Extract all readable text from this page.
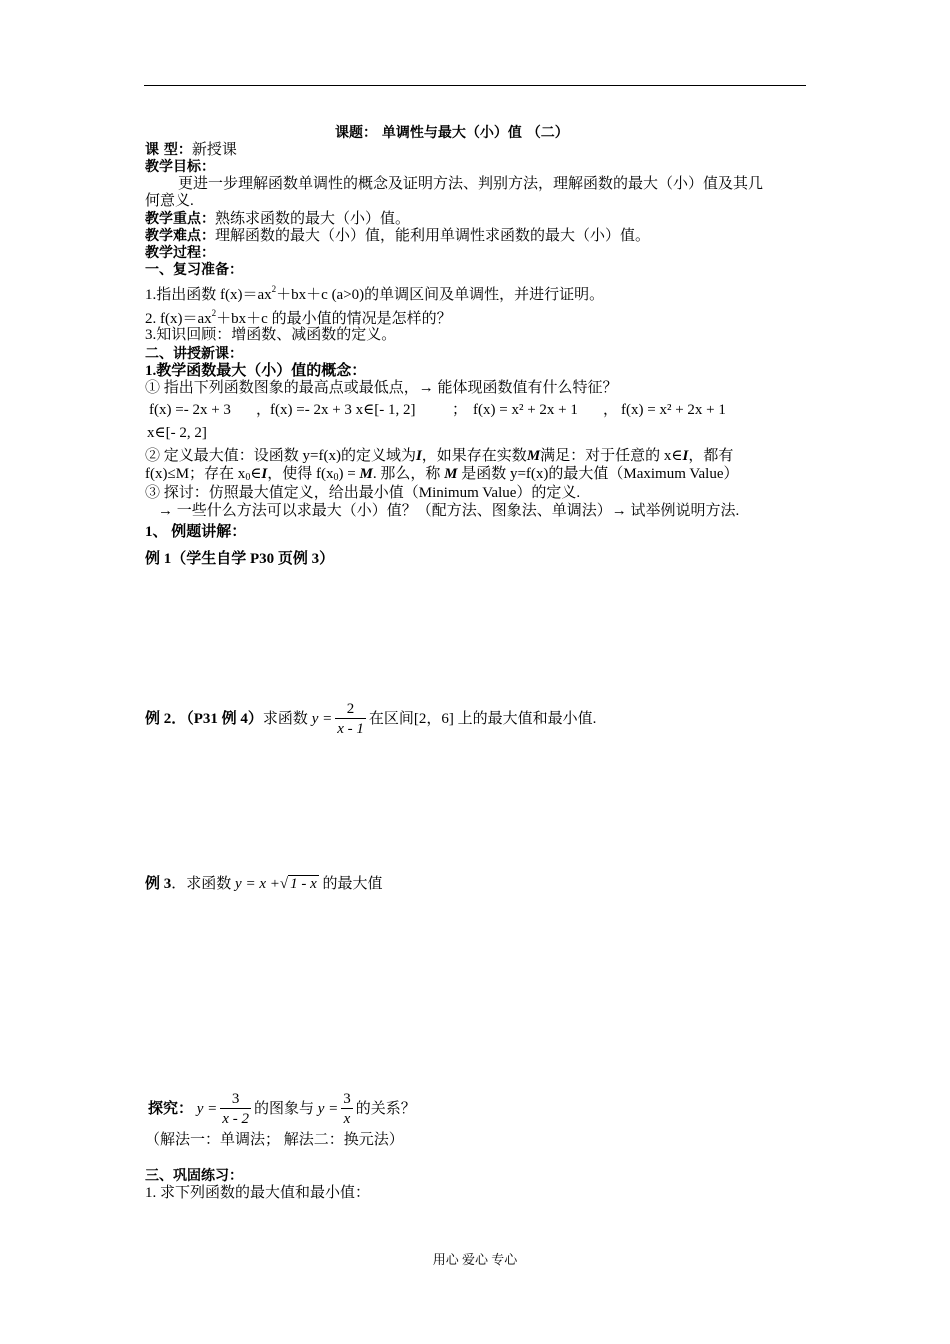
课题： 单调性与最大（小）值 （二）
课 型：新授课
教学目标：
更进一步理解函数单调性的概念及证明方法、判别方法，理解函数的最大（小）值及其几
何意义.
教学重点：熟练求函数的最大（小）值。
教学难点：理解函数的最大（小）值，能利用单调性求函数的最大（小）值。
教学过程：
一、复习准备：
1.指出函数 $f(x)=ax^2+bx+c$ (a>0)的单调区间及单调性，并进行证明。
2. $f(x)=ax^2+bx+c$ 的最小值的情况是怎样的？
3.知识回顾：增函数、减函数的定义。
二、讲授新课：
1.教学函数最大（小）值的概念：
① 指出下列函数图象的最高点或最低点，→ 能体现函数值有什么特征？
f(x) =- 2x + 3 ，
f(x) =- 2x + 3 x∈[- 1, 2] ； f(x) = x² + 2x + 1 ， f(x) = x² + 2x + 1
x∈[- 2, 2]
② 定义最大值：设函数 y=f(x)的定义域为I，如果存在实数M满足：对于任意的 x∈I，都有
f(x)≤M；存在 $x_0\in I$，使得 $f(x_0) = M$. 那么，称 M 是函数 y=f(x)的最大值（Maximum Value）
③ 探讨：仿照最大值定义，给出最小值（Minimum Value）的定义.
→ 一些什么方法可以求最大（小）值？（配方法、图象法、单调法）→ 试举例说明方法.
1、 例题讲解：
例 1（学生自学 P30 页例 3）
例 2．（P31 例 4）求函数 $y = \frac{2}{x - 1}$ 在区间[2，6] 上的最大值和最小值.
例 3．求函数 y = x +√ 1 - x 的最大值
探究： $y = \frac{3}{x - 2}$ 的图象与 $y = \frac{3}{x}$ 的关系？
（解法一：单调法； 解法二：换元法）
三、巩固练习：
1. 求下列函数的最大值和最小值：
用心 爱心 专心
